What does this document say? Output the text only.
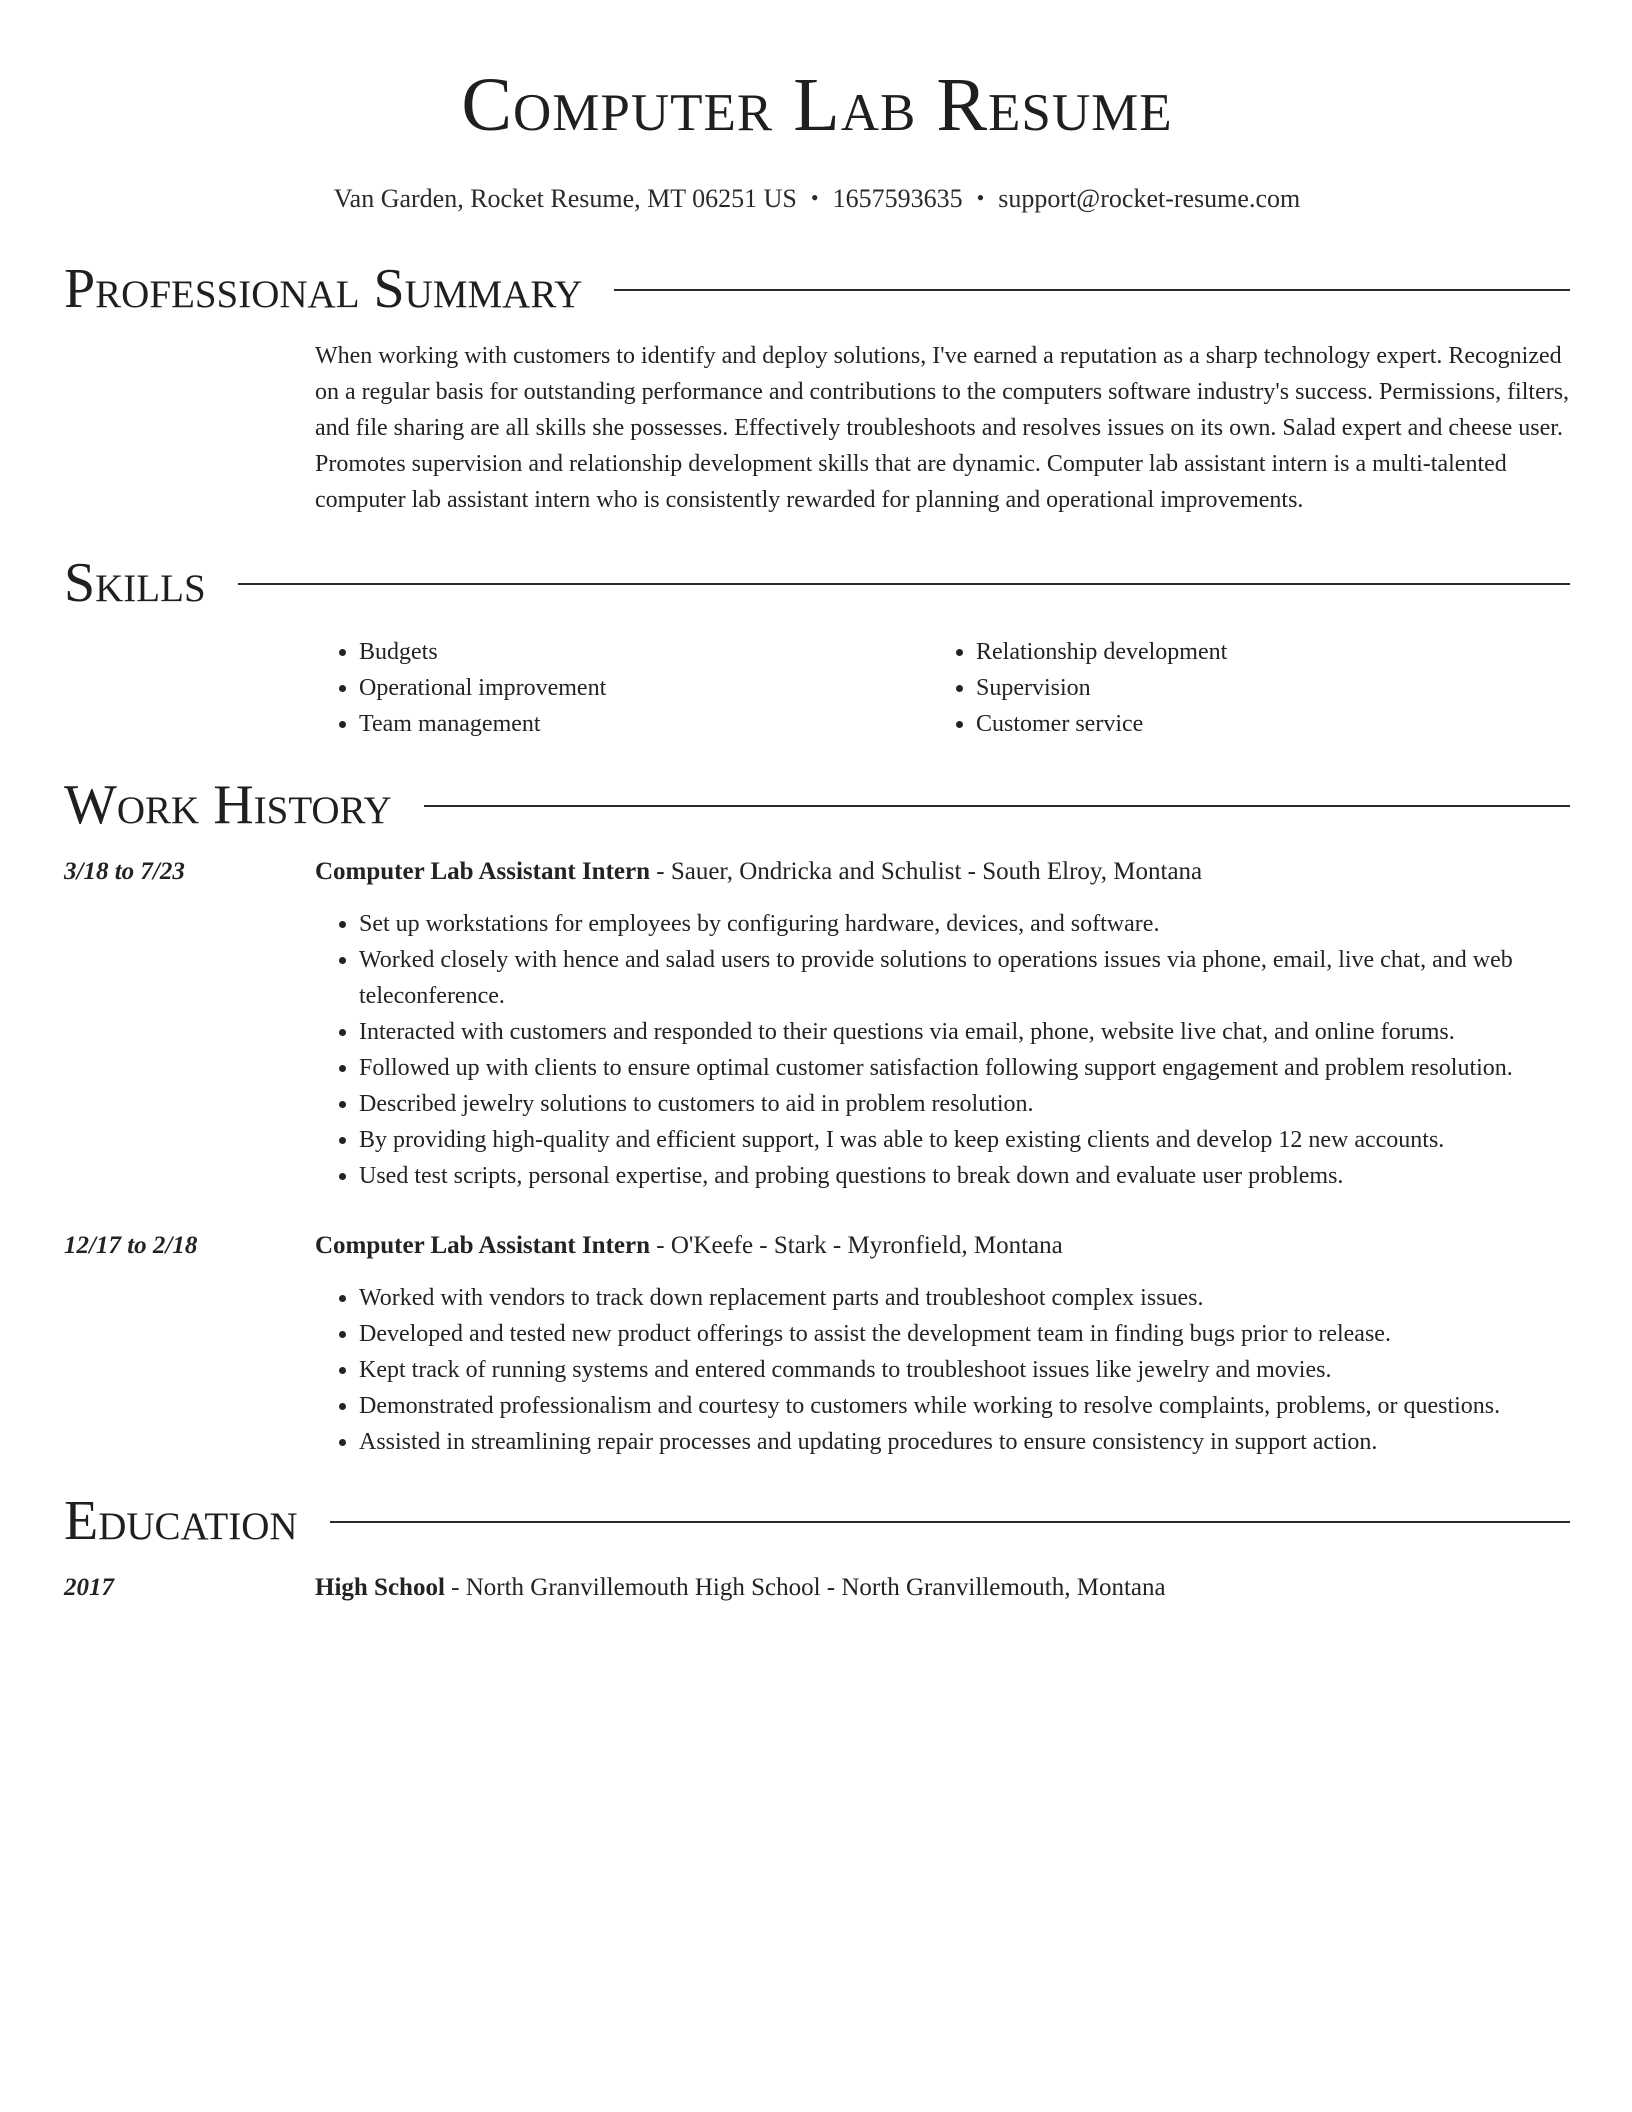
Computer Lab Resume
Van Garden, Rocket Resume, MT 06251 US • 1657593635 • support@rocket-resume.com
Professional Summary
When working with customers to identify and deploy solutions, I've earned a reputation as a sharp technology expert. Recognized on a regular basis for outstanding performance and contributions to the computers software industry's success. Permissions, filters, and file sharing are all skills she possesses. Effectively troubleshoots and resolves issues on its own. Salad expert and cheese user. Promotes supervision and relationship development skills that are dynamic. Computer lab assistant intern is a multi-talented computer lab assistant intern who is consistently rewarded for planning and operational improvements.
Skills
• Budgets
• Operational improvement
• Team management
• Relationship development
• Supervision
• Customer service
Work History
3/18 to 7/23	Computer Lab Assistant Intern - Sauer, Ondricka and Schulist - South Elroy, Montana
• Set up workstations for employees by configuring hardware, devices, and software.
• Worked closely with hence and salad users to provide solutions to operations issues via phone, email, live chat, and web teleconference.
• Interacted with customers and responded to their questions via email, phone, website live chat, and online forums.
• Followed up with clients to ensure optimal customer satisfaction following support engagement and problem resolution.
• Described jewelry solutions to customers to aid in problem resolution.
• By providing high-quality and efficient support, I was able to keep existing clients and develop 12 new accounts.
• Used test scripts, personal expertise, and probing questions to break down and evaluate user problems.
12/17 to 2/18	Computer Lab Assistant Intern - O'Keefe - Stark - Myronfield, Montana
• Worked with vendors to track down replacement parts and troubleshoot complex issues.
• Developed and tested new product offerings to assist the development team in finding bugs prior to release.
• Kept track of running systems and entered commands to troubleshoot issues like jewelry and movies.
• Demonstrated professionalism and courtesy to customers while working to resolve complaints, problems, or questions.
• Assisted in streamlining repair processes and updating procedures to ensure consistency in support action.
Education
2017	High School - North Granvillemouth High School - North Granvillemouth, Montana
